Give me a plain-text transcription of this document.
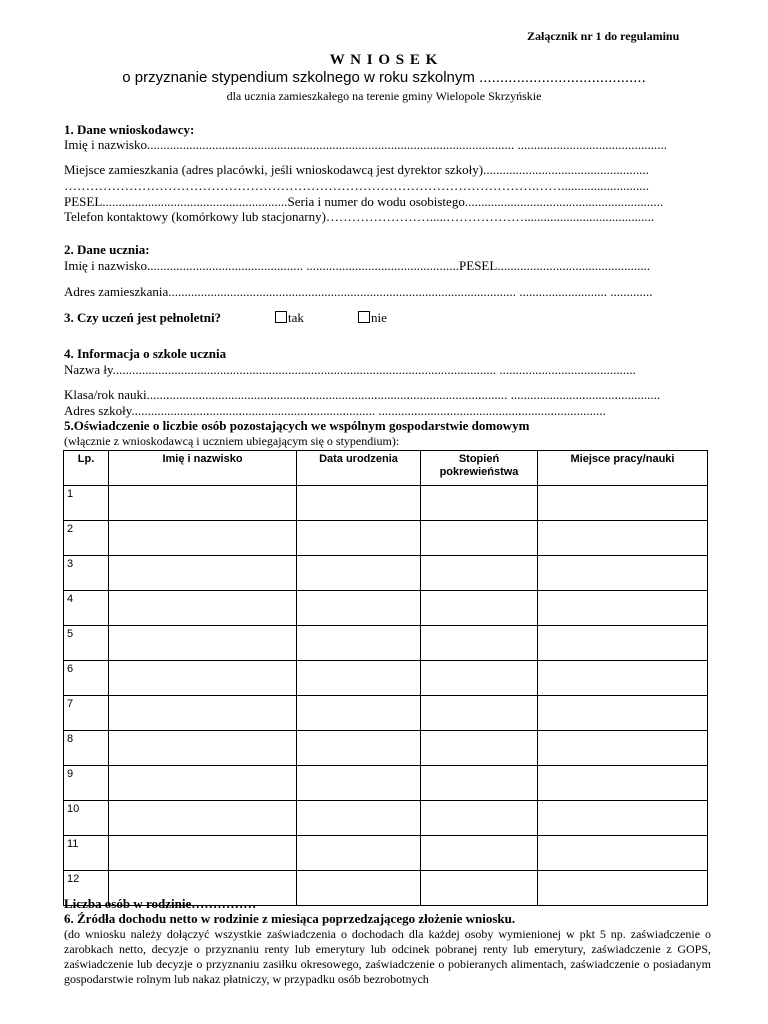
Załącznik nr 1 do regulaminu
W N I O S E K
o przyznanie stypendium szkolnego w roku szkolnym ........................................
dla ucznia zamieszkałego na terenie gminy Wielopole Skrzyńskie
1. Dane wnioskodawcy:
Imię i nazwisko................................................................................................................. ..............................................
Miejsce zamieszkania (adres placówki, jeśli wnioskodawcą jest dyrektor szkoły)...................................................
……………………………………………………………………………………………….……...........................
PESEL.........................................................Seria i numer do wodu osobistego.............................................................
Telefon kontaktowy (komórkowy lub stacjonarny)…………………….....………………........................................
2. Dane ucznia:
Imię i nazwisko................................................ ...............................................PESEL...............................................
Adres zamieszkania........................................................................................................... ........................... .............
3. Czy uczeń jest pełnoletni?	tak	nie
4. Informacja o szkole ucznia
Nazwa ły...................................................................................................................... ..........................................
Klasa/rok nauki............................................................................................................... ..............................................
Adres szkoły........................................................................... ......................................................................
5.Oświadczenie o liczbie osób pozostających we wspólnym gospodarstwie domowym
(włącznie z wnioskodawcą i uczniem ubiegającym się o stypendium):
Lp.	Imię i nazwisko	Data urodzenia	Stopień pokrewieństwa	Miejsce pracy/nauki
1				
2				
3				
4				
5				
6				
7				
8				
9				
10				
11				
12				
Liczba osób w rodzinie……………
6. Źródła dochodu netto w rodzinie z miesiąca poprzedzającego złożenie wniosku.
(do wniosku należy dołączyć wszystkie zaświadczenia o dochodach dla każdej osoby wymienionej w pkt 5 np. zaświadczenie o zarobkach netto, decyzje o przyznaniu renty lub emerytury lub odcinek pobranej renty lub emerytury, zaświadczenie z GOPS, zaświadczenie lub decyzje o przyznaniu zasiłku okresowego, zaświadczenie o pobieranych alimentach, zaświadczenie o posiadanym gospodarstwie rolnym lub nakaz płatniczy, w przypadku osób bezrobotnych
